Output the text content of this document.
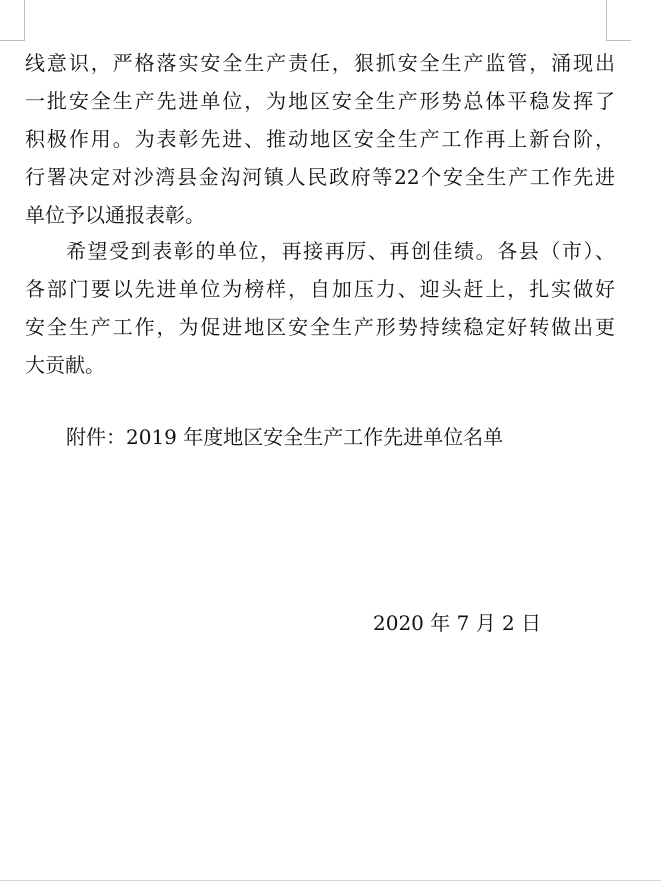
线意识，严格落实安全生产责任，狠抓安全生产监管，涌现出
一批安全生产先进单位，为地区安全生产形势总体平稳发挥了
积极作用。为表彰先进、推动地区安全生产工作再上新台阶，
行署决定对沙湾县金沟河镇人民政府等22个安全生产工作先进
单位予以通报表彰。
希望受到表彰的单位，再接再厉、再创佳绩。各县（市）、
各部门要以先进单位为榜样，自加压力、迎头赶上，扎实做好
安全生产工作，为促进地区安全生产形势持续稳定好转做出更
大贡献。
附件：2019 年度地区安全生产工作先进单位名单
2020 年 7 月 2 日
